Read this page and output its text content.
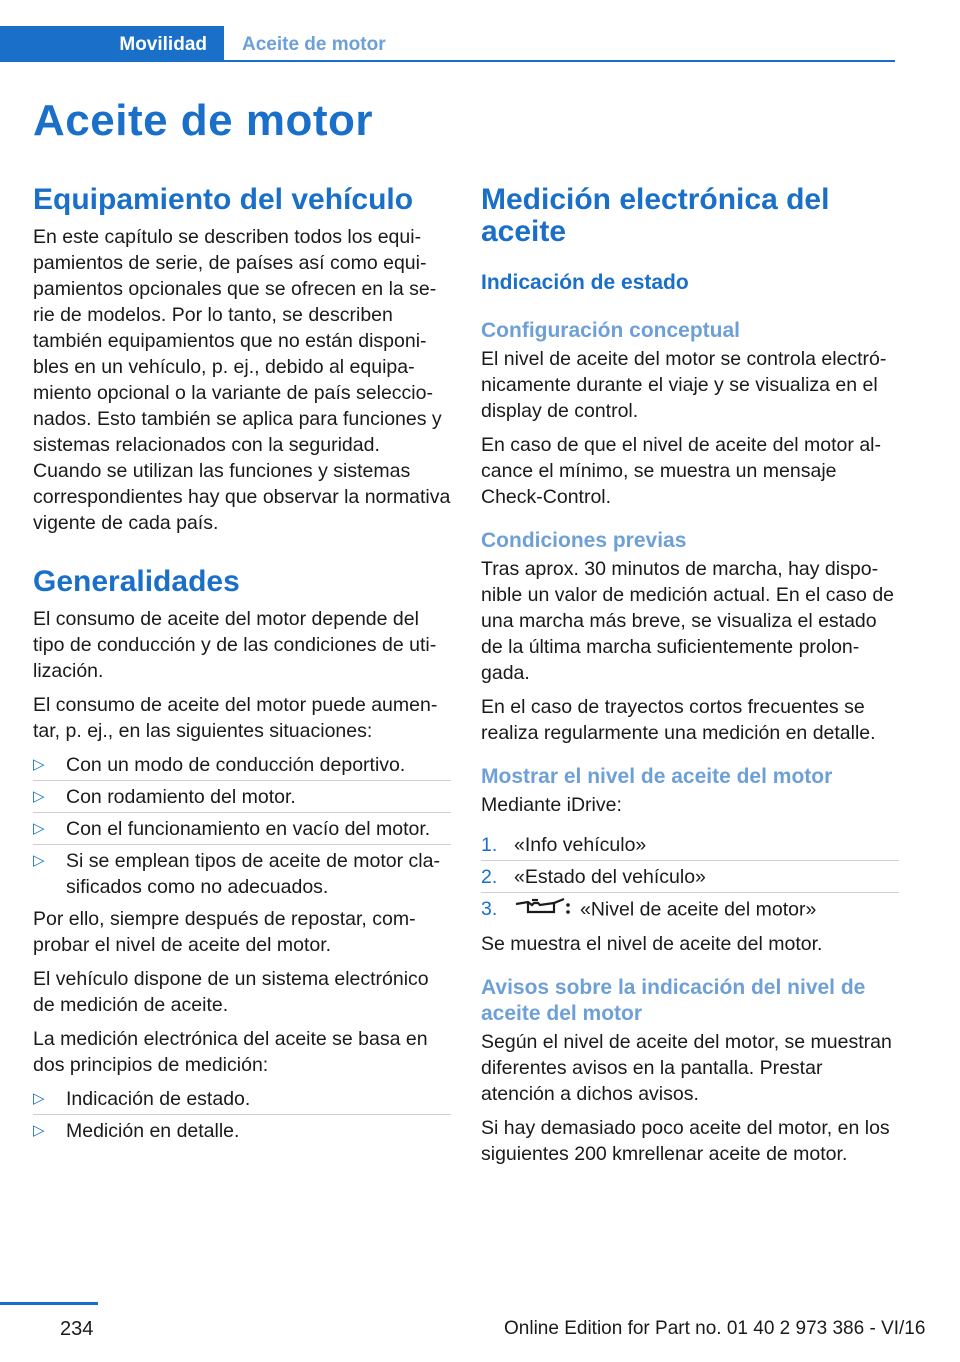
Movilidad Aceite de motor
Aceite de motor
Equipamiento del vehículo

En este capítulo se describen todos los equipamientos de serie, de países así como equipamientos opcionales que se ofrecen en la serie de modelos. Por lo tanto, se describen también equipamientos que no están disponibles en un vehículo, p. ej., debido al equipamiento opcional o la variante de país seleccionados. Esto también se aplica para funciones y sistemas relacionados con la seguridad. Cuando se utilizan las funciones y sistemas correspondientes hay que observar la normativa vigente de cada país.

Generalidades

El consumo de aceite del motor depende del tipo de conducción y de las condiciones de utilización.

El consumo de aceite del motor puede aumentar, p. ej., en las siguientes situaciones:

▷ Con un modo de conducción deportivo.
▷ Con rodamiento del motor.
▷ Con el funcionamiento en vacío del motor.
▷ Si se emplean tipos de aceite de motor clasificados como no adecuados.

Por ello, siempre después de repostar, comprobar el nivel de aceite del motor.

El vehículo dispone de un sistema electrónico de medición de aceite.

La medición electrónica del aceite se basa en dos principios de medición:

▷ Indicación de estado.
▷ Medición en detalle.
Medición electrónica del aceite
Indicación de estado
Configuración conceptual

El nivel de aceite del motor se controla electrónicamente durante el viaje y se visualiza en el display de control.

En caso de que el nivel de aceite del motor alcance el mínimo, se muestra un mensaje Check-Control.

Condiciones previas

Tras aprox. 30 minutos de marcha, hay disponible un valor de medición actual. En el caso de una marcha más breve, se visualiza el estado de la última marcha suficientemente prolongada.

En el caso de trayectos cortos frecuentes se realiza regularmente una medición en detalle.

Mostrar el nivel de aceite del motor

Mediante iDrive:

1. «Info vehículo»
2. «Estado del vehículo»
3.	«Nivel de aceite del motor»

Se muestra el nivel de aceite del motor.

Avisos sobre la indicación del nivel de aceite del motor

Según el nivel de aceite del motor, se muestran diferentes avisos en la pantalla. Prestar atención a dichos avisos.

Si hay demasiado poco aceite del motor, en los siguientes 200 kmrellenar aceite de motor.

234	Online Edition for Part no. 01 40 2 973 386 - VI/16
